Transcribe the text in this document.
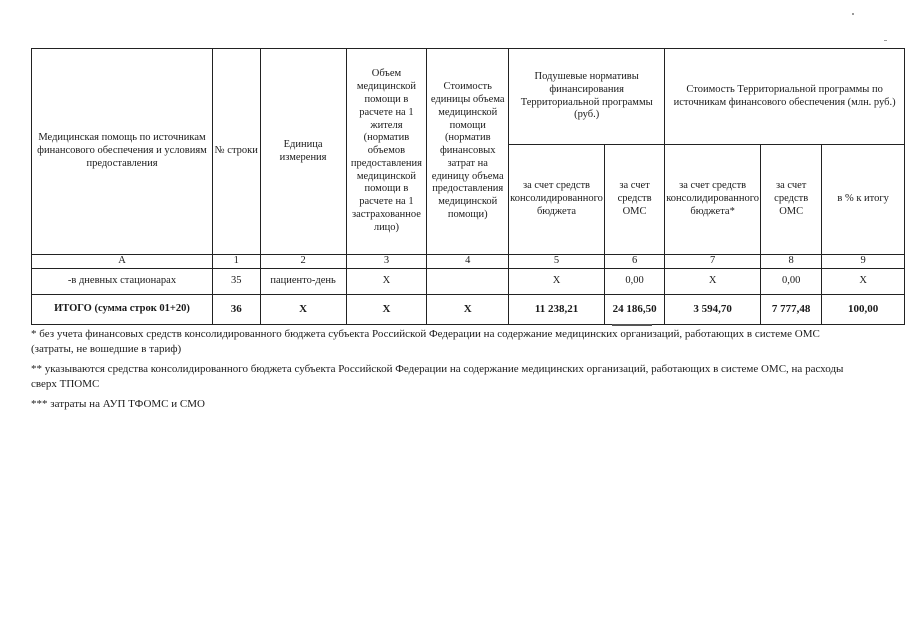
Медицинская помощь по источникам финансового обеспечения и условиям предоставления	№ строки	Единица измерения	Объем медицинской помощи в расчете на 1 жителя (норматив объемов предоставления медицинской помощи в расчете на 1 застрахованное лицо)	Стоимость единицы объема медицинской помощи (норматив финансовых затрат на единицу объема предоставления медицинской помощи)	Подушевые нормативы финансирования Территориальной программы (руб.)		Стоимость Территориальной программы по источникам финансового обеспечения (млн. руб.)		
					за счет средств консолидированного бюджета	за счет средств ОМС	за счет средств консолидированного бюджета*	за счет средств ОМС	в % к итогу
А	1	2	3	4	5	6	7	8	9
-в дневных стационарах	35	пациенто-день	Х		Х	0,00	Х	0,00	Х
ИТОГО (сумма строк 01+20)	36	Х	Х	Х	11 238,21	24 186,50	3 594,70	7 777,48	100,00

* без учета финансовых средств консолидированного бюджета субъекта Российской Федерации на содержание медицинских организаций, работающих в системе ОМС (затраты, не вошедшие в тариф)

** указываются средства консолидированного бюджета субъекта Российской Федерации на содержание медицинских организаций, работающих в системе ОМС, на расходы сверх ТПОМС

*** затраты на АУП ТФОМС и СМО
